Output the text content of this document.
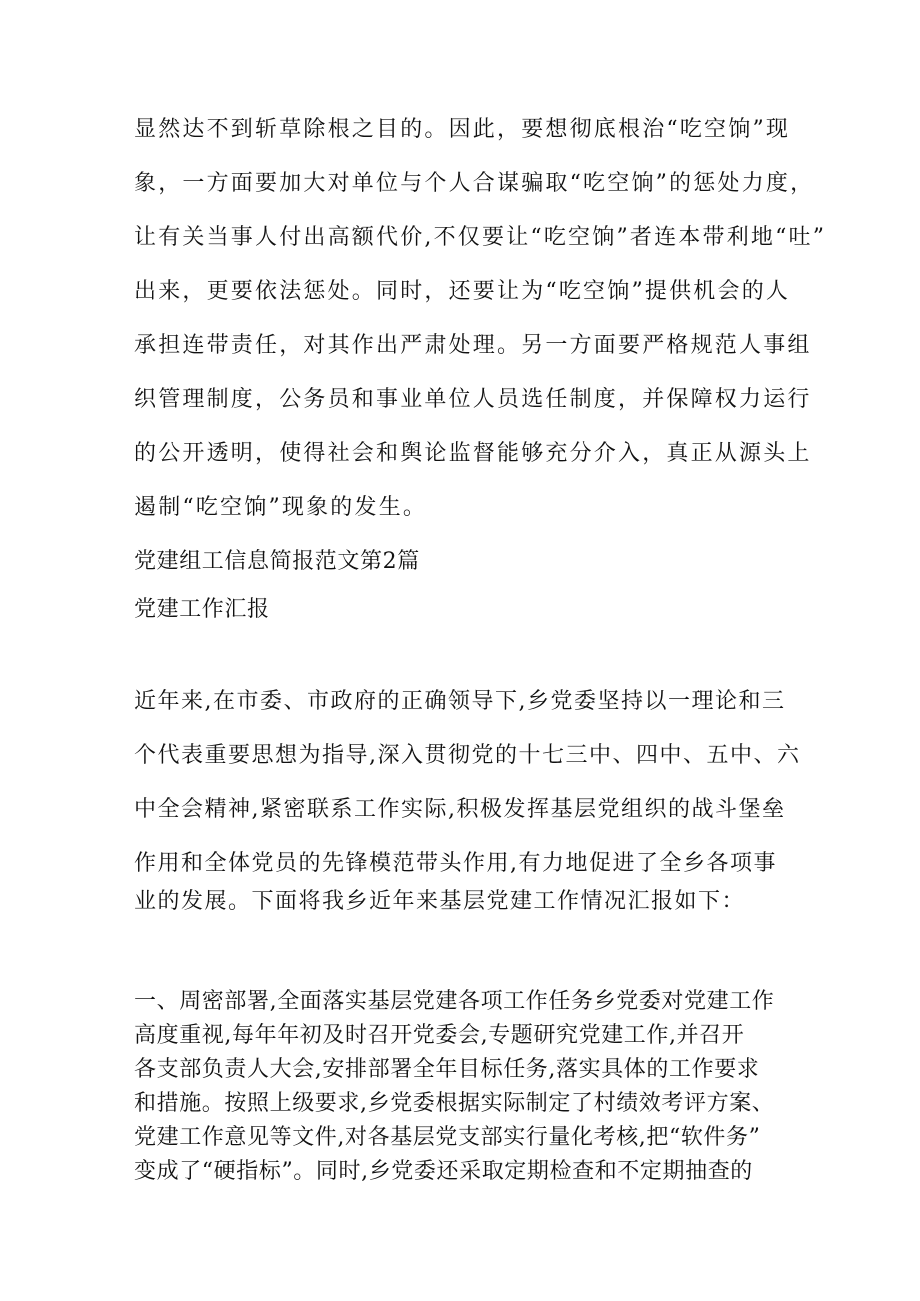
显然达不到斩草除根之目的。因此，要想彻底根治“吃空饷”现
象，一方面要加大对单位与个人合谋骗取“吃空饷”的惩处力度，
让有关当事人付出高额代价,不仅要让“吃空饷”者连本带利地“吐”
出来，更要依法惩处。同时，还要让为“吃空饷”提供机会的人
承担连带责任，对其作出严肃处理。另一方面要严格规范人事组
织管理制度，公务员和事业单位人员选任制度，并保障权力运行
的公开透明，使得社会和舆论监督能够充分介入，真正从源头上
遏制“吃空饷”现象的发生。
党建组工信息简报范文第2篇
党建工作汇报
近年来,在市委、市政府的正确领导下,乡党委坚持以一理论和三
个代表重要思想为指导,深入贯彻党的十七三中、四中、五中、六
中全会精神,紧密联系工作实际,积极发挥基层党组织的战斗堡垒
作用和全体党员的先锋模范带头作用,有力地促进了全乡各项事
业的发展。下面将我乡近年来基层党建工作情况汇报如下：
一、周密部署,全面落实基层党建各项工作任务乡党委对党建工作
高度重视,每年年初及时召开党委会,专题研究党建工作,并召开
各支部负责人大会,安排部署全年目标任务,落实具体的工作要求
和措施。按照上级要求,乡党委根据实际制定了村绩效考评方案、
党建工作意见等文件,对各基层党支部实行量化考核,把“软件务”
变成了“硬指标”。同时,乡党委还采取定期检查和不定期抽查的
